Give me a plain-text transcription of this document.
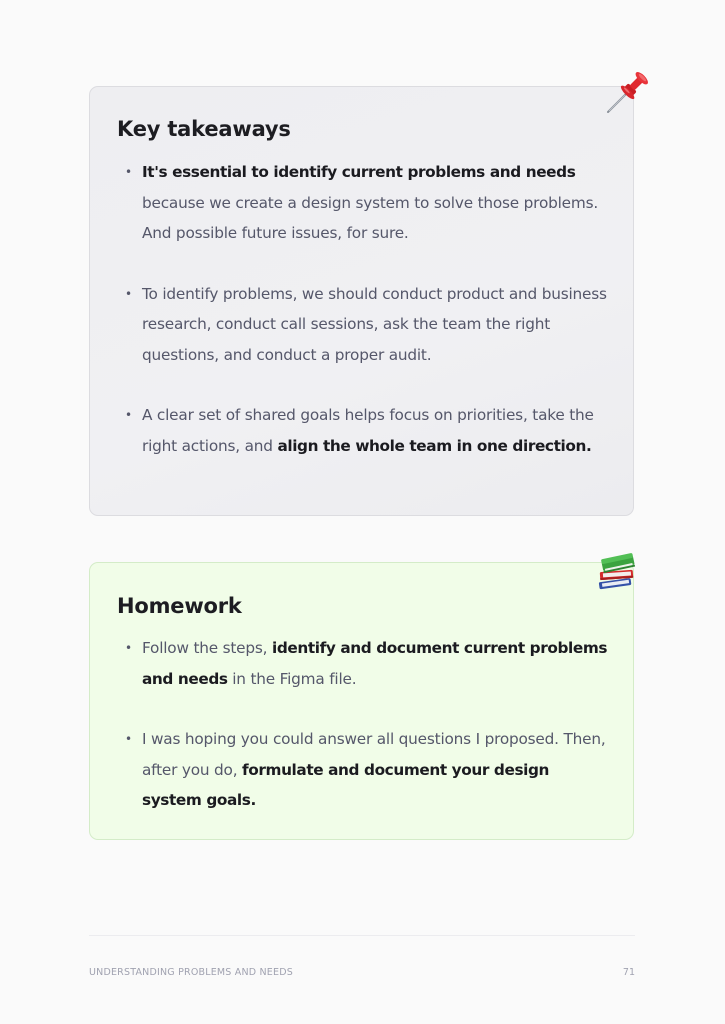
Key takeaways
• It's essential to identify current problems and needs because we create a design system to solve those problems. And possible future issues, for sure.
• To identify problems, we should conduct product and business research, conduct call sessions, ask the team the right questions, and conduct a proper audit.
• A clear set of shared goals helps focus on priorities, take the right actions, and align the whole team in one direction.
Homework
• Follow the steps, identify and document current problems and needs in the Figma file.
• I was hoping you could answer all questions I proposed. Then, after you do, formulate and document your design system goals.
UNDERSTANDING PROBLEMS AND NEEDS	71
